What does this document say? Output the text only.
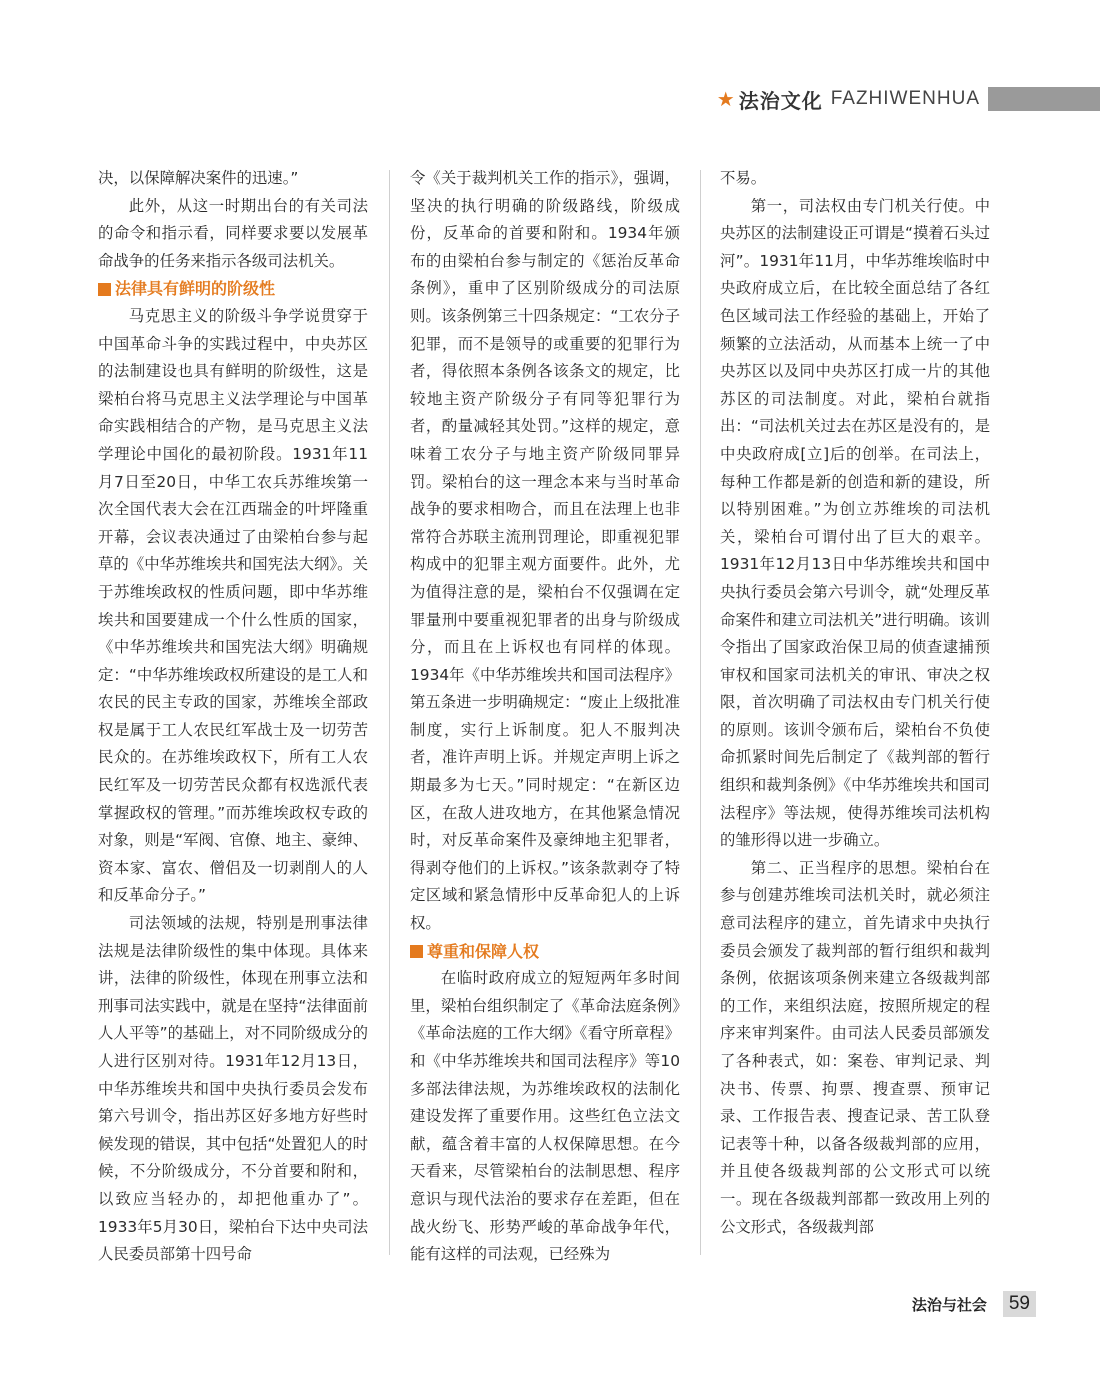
★ 法治文化 FAZHIWENHUA

决，以保障解决案件的迅速。”

此外，从这一时期出台的有关司法的命令和指示看，同样要求要以发展革命战争的任务来指示各级司法机关。

法律具有鲜明的阶级性

马克思主义的阶级斗争学说贯穿于中国革命斗争的实践过程中，中央苏区的法制建设也具有鲜明的阶级性，这是梁柏台将马克思主义法学理论与中国革命实践相结合的产物，是马克思主义法学理论中国化的最初阶段。1931年11月7日至20日，中华工农兵苏维埃第一次全国代表大会在江西瑞金的叶坪隆重开幕，会议表决通过了由梁柏台参与起草的《中华苏维埃共和国宪法大纲》。关于苏维埃政权的性质问题，即中华苏维埃共和国要建成一个什么性质的国家，《中华苏维埃共和国宪法大纲》明确规定：“中华苏维埃政权所建设的是工人和农民的民主专政的国家，苏维埃全部政权是属于工人农民红军战士及一切劳苦民众的。在苏维埃政权下，所有工人农民红军及一切劳苦民众都有权选派代表掌握政权的管理。”而苏维埃政权专政的对象，则是“军阀、官僚、地主、豪绅、资本家、富农、僧侣及一切剥削人的人和反革命分子。”

司法领域的法规，特别是刑事法律法规是法律阶级性的集中体现。具体来讲，法律的阶级性，体现在刑事立法和刑事司法实践中，就是在坚持“法律面前人人平等”的基础上，对不同阶级成分的人进行区别对待。1931年12月13日，中华苏维埃共和国中央执行委员会发布第六号训令，指出苏区好多地方好些时候发现的错误，其中包括“处置犯人的时候，不分阶级成分，不分首要和附和，以致应当轻办的，却把他重办了”。1933年5月30日，梁柏台下达中央司法人民委员部第十四号命

令《关于裁判机关工作的指示》，强调，坚决的执行明确的阶级路线，阶级成份，反革命的首要和附和。1934年颁布的由梁柏台参与制定的《惩治反革命条例》，重申了区别阶级成分的司法原则。该条例第三十四条规定：“工农分子犯罪，而不是领导的或重要的犯罪行为者，得依照本条例各该条文的规定，比较地主资产阶级分子有同等犯罪行为者，酌量减轻其处罚。”这样的规定，意味着工农分子与地主资产阶级同罪异罚。梁柏台的这一理念本来与当时革命战争的要求相吻合，而且在法理上也非常符合苏联主流刑罚理论，即重视犯罪构成中的犯罪主观方面要件。此外，尤为值得注意的是，梁柏台不仅强调在定罪量刑中要重视犯罪者的出身与阶级成分，而且在上诉权也有同样的体现。1934年《中华苏维埃共和国司法程序》第五条进一步明确规定：“废止上级批准制度，实行上诉制度。犯人不服判决者，准许声明上诉。并规定声明上诉之期最多为七天。”同时规定：“在新区边区，在敌人进攻地方，在其他紧急情况时，对反革命案件及豪绅地主犯罪者，得剥夺他们的上诉权。”该条款剥夺了特定区域和紧急情形中反革命犯人的上诉权。

尊重和保障人权

在临时政府成立的短短两年多时间里，梁柏台组织制定了《革命法庭条例》《革命法庭的工作大纲》《看守所章程》和《中华苏维埃共和国司法程序》等10多部法律法规，为苏维埃政权的法制化建设发挥了重要作用。这些红色立法文献，蕴含着丰富的人权保障思想。在今天看来，尽管梁柏台的法制思想、程序意识与现代法治的要求存在差距，但在战火纷飞、形势严峻的革命战争年代，能有这样的司法观，已经殊为

不易。

第一，司法权由专门机关行使。中央苏区的法制建设正可谓是“摸着石头过河”。1931年11月，中华苏维埃临时中央政府成立后，在比较全面总结了各红色区域司法工作经验的基础上，开始了频繁的立法活动，从而基本上统一了中央苏区以及同中央苏区打成一片的其他苏区的司法制度。对此，梁柏台就指出：“司法机关过去在苏区是没有的，是中央政府成[立]后的创举。在司法上，每种工作都是新的创造和新的建设，所以特别困难。”为创立苏维埃的司法机关，梁柏台可谓付出了巨大的艰辛。1931年12月13日中华苏维埃共和国中央执行委员会第六号训令，就“处理反革命案件和建立司法机关”进行明确。该训令指出了国家政治保卫局的侦查逮捕预审权和国家司法机关的审讯、审决之权限，首次明确了司法权由专门机关行使的原则。该训令颁布后，梁柏台不负使命抓紧时间先后制定了《裁判部的暂行组织和裁判条例》《中华苏维埃共和国司法程序》等法规，使得苏维埃司法机构的雏形得以进一步确立。

第二、正当程序的思想。梁柏台在参与创建苏维埃司法机关时，就必须注意司法程序的建立，首先请求中央执行委员会颁发了裁判部的暂行组织和裁判条例，依据该项条例来建立各级裁判部的工作，来组织法庭，按照所规定的程序来审判案件。由司法人民委员部颁发了各种表式，如：案卷、审判记录、判决书、传票、拘票、搜查票、预审记录、工作报告表、搜查记录、苦工队登记表等十种，以备各级裁判部的应用，并且使各级裁判部的公文形式可以统一。现在各级裁判部都一致改用上列的公文形式，各级裁判部

法治与社会	59
